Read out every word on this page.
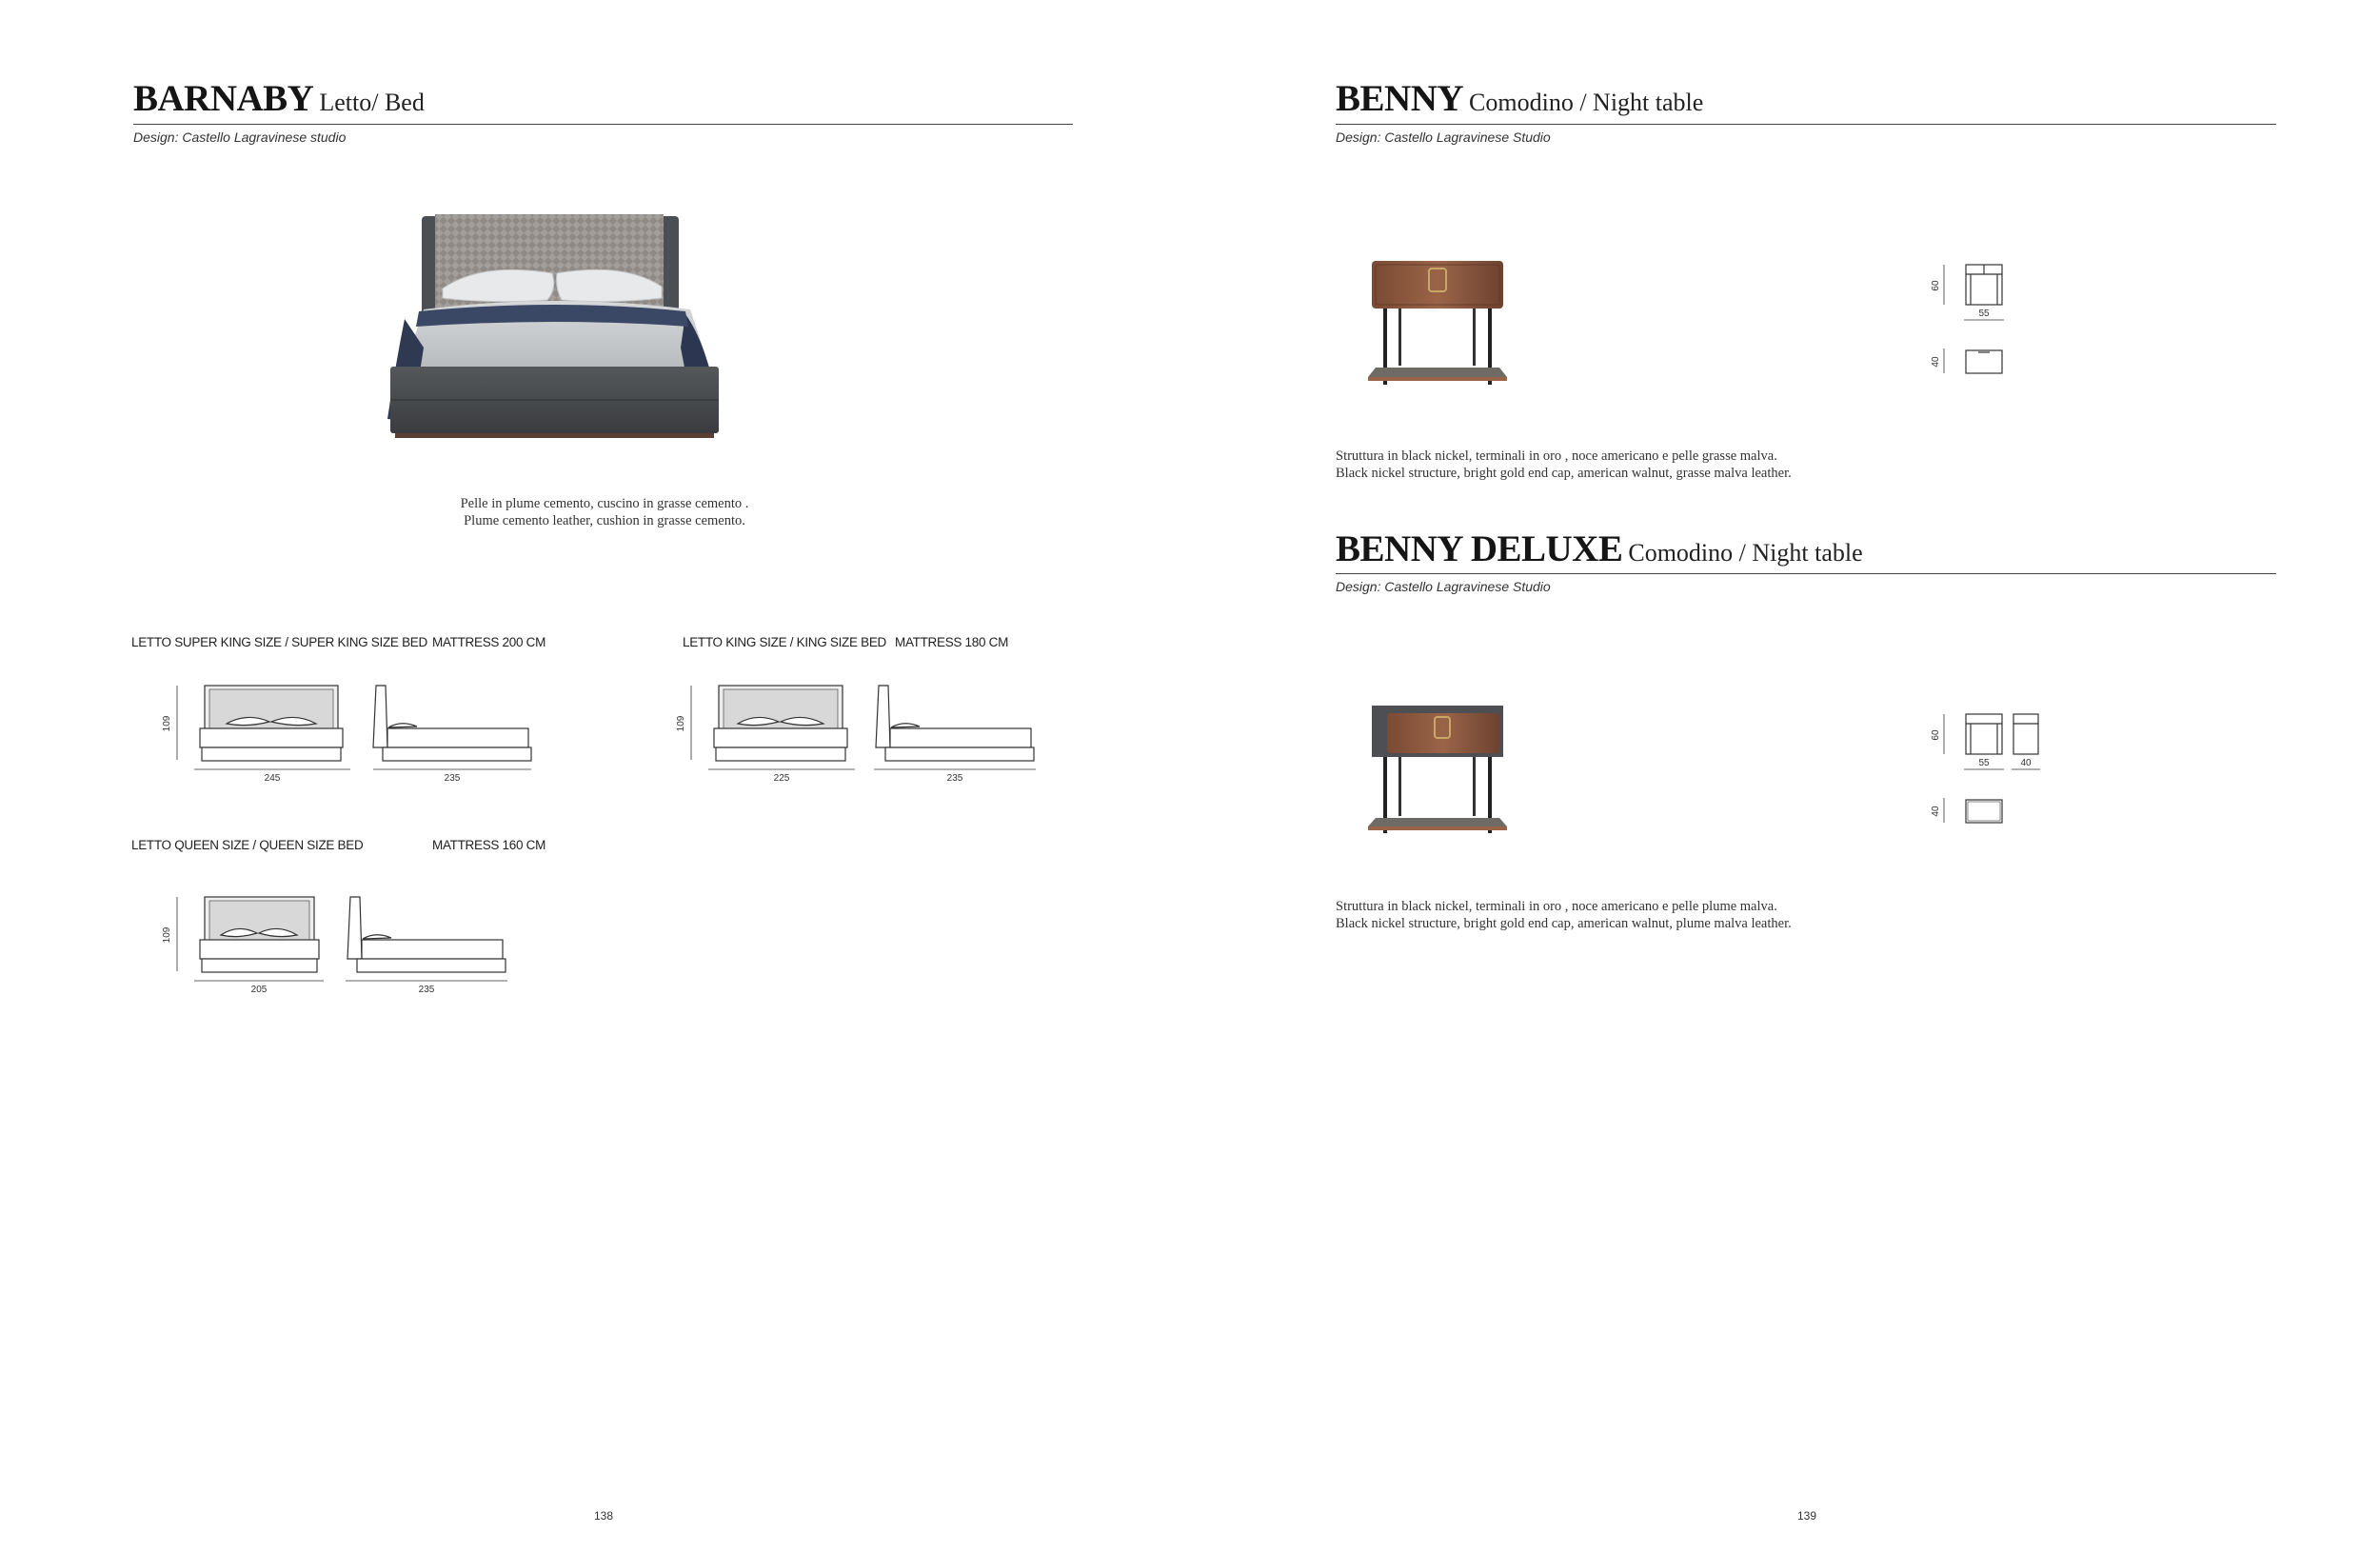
BARNABY Letto/ Bed
Design: Castello Lagravinese studio
Pelle in plume cemento, cuscino in grasse cemento .
Plume cemento leather, cushion in grasse cemento.
LETTO SUPER KING SIZE / SUPER KING SIZE BED MATTRESS 200 CM	LETTO KING SIZE / KING SIZE BED MATTRESS 180 CM
LETTO QUEEN SIZE / QUEEN SIZE BED	MATTRESS 160 CM
109
245	235
109
225	235
109
205	235
138
BENNY Comodino / Night table
Design: Castello Lagravinese Studio
60
55
40
Struttura in black nickel, terminali in oro , noce americano e pelle grasse malva.
Black nickel structure, bright gold end cap, american walnut, grasse malva leather.
BENNY DELUXE Comodino / Night table
Design: Castello Lagravinese Studio
60
55	40
40
Struttura in black nickel, terminali in oro , noce americano e pelle plume malva.
Black nickel structure, bright gold end cap, american walnut, plume malva leather.
139
